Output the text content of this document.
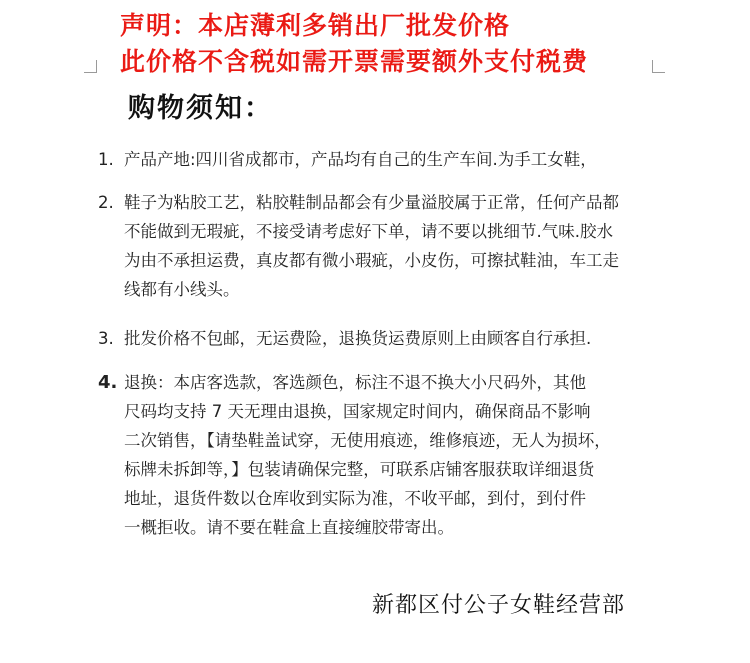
声明：本店薄利多销出厂批发价格
此价格不含税如需开票需要额外支付税费
购物须知：
1. 产品产地:四川省成都市，产品均有自己的生产车间.为手工女鞋，
2. 鞋子为粘胶工艺，粘胶鞋制品都会有少量溢胶属于正常，任何产品都
不能做到无瑕疵，不接受请考虑好下单，请不要以挑细节.气味.胶水
为由不承担运费，真皮都有微小瑕疵，小皮伤，可擦拭鞋油，车工走
线都有小线头。
3. 批发价格不包邮，无运费险，退换货运费原则上由顾客自行承担.
4. 退换：本店客选款，客选颜色，标注不退不换大小尺码外，其他
尺码均支持 7 天无理由退换，国家规定时间内，确保商品不影响
二次销售，【请垫鞋盖试穿，无使用痕迹，维修痕迹，无人为损坏，
标牌未拆卸等，】包装请确保完整，可联系店铺客服获取详细退货
地址，退货件数以仓库收到实际为准，不收平邮，到付，到付件
一概拒收。请不要在鞋盒上直接缠胶带寄出。
新都区付公子女鞋经营部
